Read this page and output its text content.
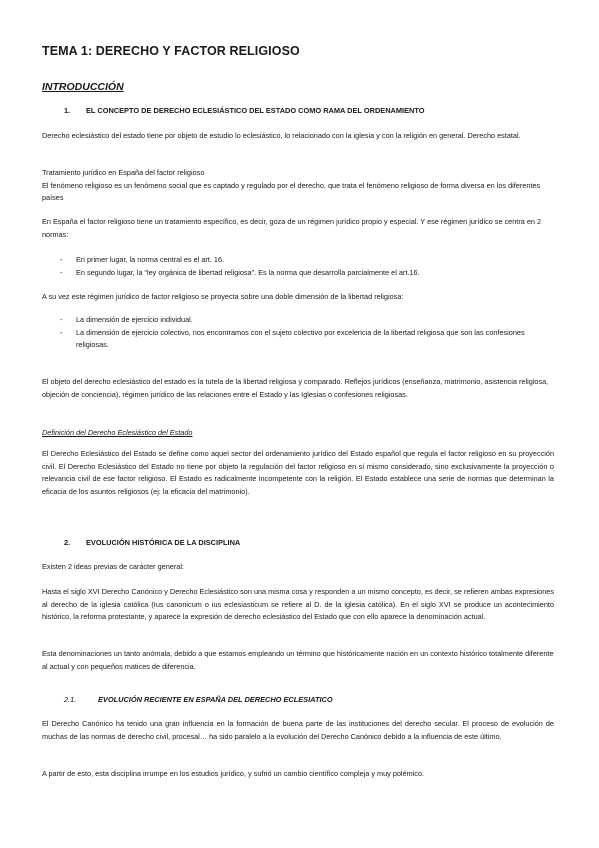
TEMA 1: DERECHO Y FACTOR RELIGIOSO
INTRODUCCIÓN
1. EL CONCEPTO DE DERECHO ECLESIÁSTICO DEL ESTADO COMO RAMA DEL ORDENAMIENTO

Derecho eclesiástico del estado tiene por objeto de estudio lo eclesiástico, lo relacionado con la iglesia y con la religión en general. Derecho estatal.

Tratamiento jurídico en España del factor religioso
El fenómeno religioso es un fenómeno social que es captado y regulado por el derecho, que trata el fenómeno religioso de forma diversa en los diferentes países

En España el factor religioso tiene un tratamiento específico, es decir, goza de un régimen jurídico propio y especial. Y ese régimen jurídico se centra en 2 normas:

- En primer lugar, la norma central es el art. 16.
- En segundo lugar, la “ley orgánica de libertad religiosa”. Es la norma que desarrolla parcialmente el art.16.

A su vez este régimen jurídico de factor religioso se proyecta sobre una doble dimensión de la libertad religiosa:

- La dimensión de ejercicio individual.
- La dimensión de ejercicio colectivo, nos encontramos con el sujeto colectivo por excelencia de la libertad religiosa que son las confesiones religiosas.

El objeto del derecho eclesiástico del estado es la tutela de la libertad religiosa y comparado. Reflejos jurídicos (enseñanza, matrimonio, asistencia religiosa, objeción de conciencia), régimen jurídico de las relaciones entre el Estado y las Iglesias o confesiones religiosas.

Definición del Derecho Eclesiástico del Estado

El Derecho Eclesiástico del Estado se define como aquel sector del ordenamiento jurídico del Estado español que regula el factor religioso en su proyección civil. El Derecho Eclesiástico del Estado no tiene por objeto la regulación del factor religioso en sí mismo considerado, sino exclusivamente la proyección o relevancia civil de ese factor religioso. El Estado es radicalmente incompetente con la religión. El Estado establece una serie de normas que determinan la eficacia de los asuntos religiosos (ej: la eficacia del matrimonio).

2. EVOLUCIÓN HISTÓRICA DE LA DISCIPLINA

Existen 2 ideas previas de carácter general:

Hasta el siglo XVI Derecho Canónico y Derecho Eclesiástico son una misma cosa y responden a un mismo concepto, es decir, se refieren ambas expresiones al derecho de la iglesia católica (Ius canonicum o ius eclesiasticum se refiere al D. de la iglesia católica). En el siglo XVI se produce un acontecimiento histórico, la reforma protestante, y aparece la expresión de derecho eclesiástico del Estado que con ello aparece la denominación actual.

Esta denominaciones un tanto anómala, debido a que estamos empleando un término que históricamente nación en un contexto histórico totalmente diferente al actual y con pequeños matices de diferencia.

2.1.	EVOLUCIÓN RECIENTE EN ESPAÑA DEL DERECHO ECLESIATICO

El Derecho Canónico ha tenido una gran influencia en la formación de buena parte de las instituciones del derecho secular. El proceso de evolución de muchas de las normas de derecho civil, procesal… ha sido paralelo a la evolución del Derecho Canónico debido a la influencia de este último.

A partir de esto, esta disciplina irrumpe en los estudios jurídico, y sufrió un cambio científico compleja y muy polémico.
